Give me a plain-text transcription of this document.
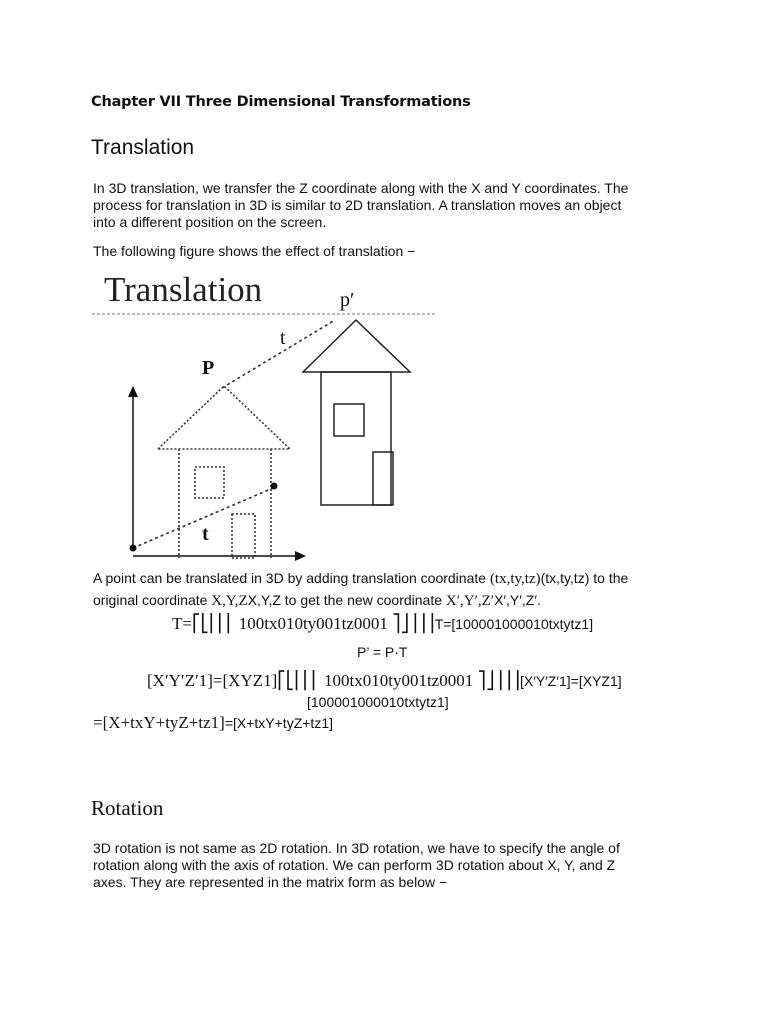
Chapter VII Three Dimensional Transformations
Translation
In 3D translation, we transfer the Z coordinate along with the X and Y coordinates. The
process for translation in 3D is similar to 2D translation. A translation moves an object
into a different position on the screen.
The following figure shows the effect of translation −
Translation	p′
t
P
t
A point can be translated in 3D by adding translation coordinate (tx,ty,tz)(tx,ty,tz) to the
original coordinate X,Y,ZX,Y,Z to get the new coordinate X′,Y′,Z′X′,Y′,Z′.
T=⎡⎣⎢⎢⎢ 100tx010ty001tz0001 ⎤⎦⎥⎥⎥T=[100001000010txtytz1]
P’ = P·T
[X′Y′Z′1]=[XYZ1]⎡⎣⎢⎢⎢ 100tx010ty001tz0001 ⎤⎦⎥⎥⎥[X′Y′Z′1]=[XYZ1]
[100001000010txtytz1]
=[X+txY+tyZ+tz1]=[X+txY+tyZ+tz1]
Rotation
3D rotation is not same as 2D rotation. In 3D rotation, we have to specify the angle of
rotation along with the axis of rotation. We can perform 3D rotation about X, Y, and Z
axes. They are represented in the matrix form as below −
